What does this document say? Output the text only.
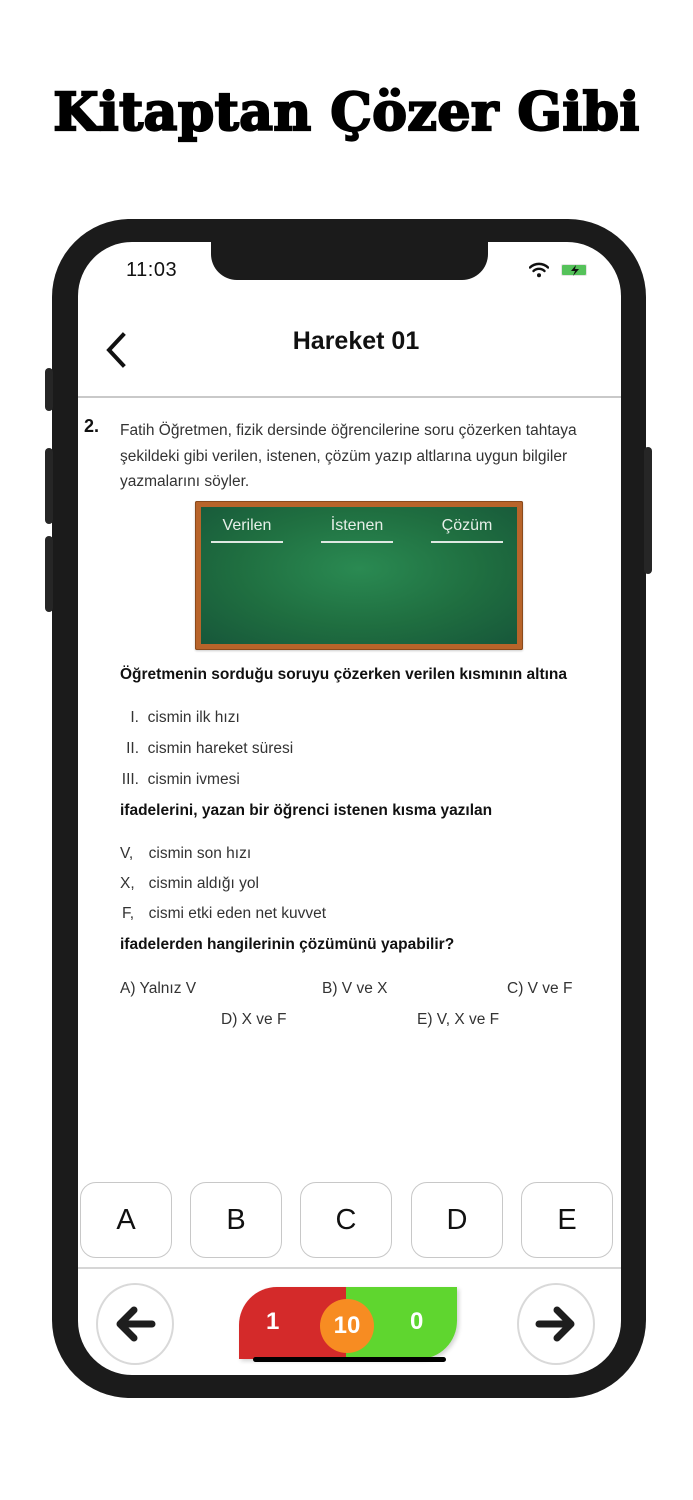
Kitaptan Çözer Gibi
11:03
Hareket 01
2. Fatih Öğretmen, fizik dersinde öğrencilerine soru çözerken tahtaya şekildeki gibi verilen, istenen, çözüm yazıp altlarına uygun bilgiler yazmalarını söyler.
Verilen	İstenen	Çözüm
Öğretmenin sorduğu soruyu çözerken verilen kısmının altına
I. cismin ilk hızı
II. cismin hareket süresi
III. cismin ivmesi
ifadelerini, yazan bir öğrenci istenen kısma yazılan
V, cismin son hızı
X, cismin aldığı yol
F, cismi etki eden net kuvvet
ifadelerden hangilerinin çözümünü yapabilir?
A) Yalnız V	B) V ve X	C) V ve F
D) X ve F	E) V, X ve F
A	B	C	D	E
1	0
10
